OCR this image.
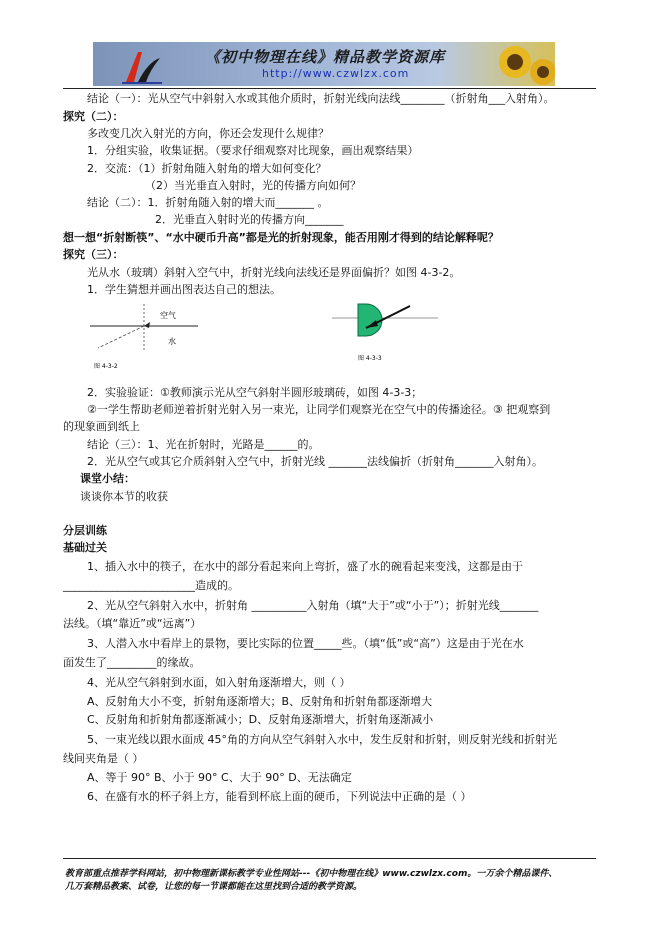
《初中物理在线》精品教学资源库
http://www.czwlzx.com
结论（一）：光从空气中斜射入水或其他介质时，折射光线向法线________（折射角___入射角）。
探究（二）：
多改变几次入射光的方向，你还会发现什么规律？
1．分组实验，收集证据。（要求仔细观察对比现象，画出观察结果）
2．交流：（1）折射角随入射角的增大如何变化？
（2）当光垂直入射时，光的传播方向如何？
结论（二）：1．折射角随入射的增大而_______ 。
2．光垂直入射时光的传播方向_______
想一想“折射断筷”、“水中硬币升高”都是光的折射现象，能否用刚才得到的结论解释呢？
探究（三）：
光从水（玻璃）斜射入空气中，折射光线向法线还是界面偏折？如图 4-3-2。
1．学生猜想并画出图表达自己的想法。
空气
水
图 4-3-2
图 4-3-3
2．实验验证：①教师演示光从空气斜射半圆形玻璃砖，如图 4-3-3；
②一学生帮助老师逆着折射光射入另一束光，让同学们观察光在空气中的传播途径。③ 把观察到
的现象画到纸上
结论（三）：1、光在折射时，光路是______的。
2．光从空气或其它介质斜射入空气中，折射光线 _______法线偏折（折射角_______入射角）。
课堂小结：
谈谈你本节的收获
分层训练
基础过关
1、插入水中的筷子，在水中的部分看起来向上弯折，盛了水的碗看起来变浅，这都是由于
________________________造成的。
2、光从空气斜射入水中，折射角 __________入射角（填“大于”或“小于”）；折射光线_______
法线。（填“靠近”或“远离”）
3、人潜入水中看岸上的景物，要比实际的位置_____些。（填“低”或“高”）这是由于光在水
面发生了_________的缘故。
4、光从空气斜射到水面，如入射角逐渐增大，则（ ）
A、反射角大小不变，折射角逐渐增大；B、反射角和折射角都逐渐增大
C、反射角和折射角都逐渐减小；D、反射角逐渐增大，折射角逐渐减小
5、一束光线以跟水面成 45°角的方向从空气斜射入水中，发生反射和折射，则反射光线和折射光
线间夹角是（ ）
A、等于 90° B、小于 90° C、大于 90° D、无法确定
6、在盛有水的杯子斜上方，能看到杯底上面的硬币，下列说法中正确的是（ ）
教育部重点推荐学科网站，初中物理新课标教学专业性网站---《初中物理在线》www.czwlzx.com。一万余个精品课件、
几万套精品教案、试卷，让您的每一节课都能在这里找到合适的教学资源。
